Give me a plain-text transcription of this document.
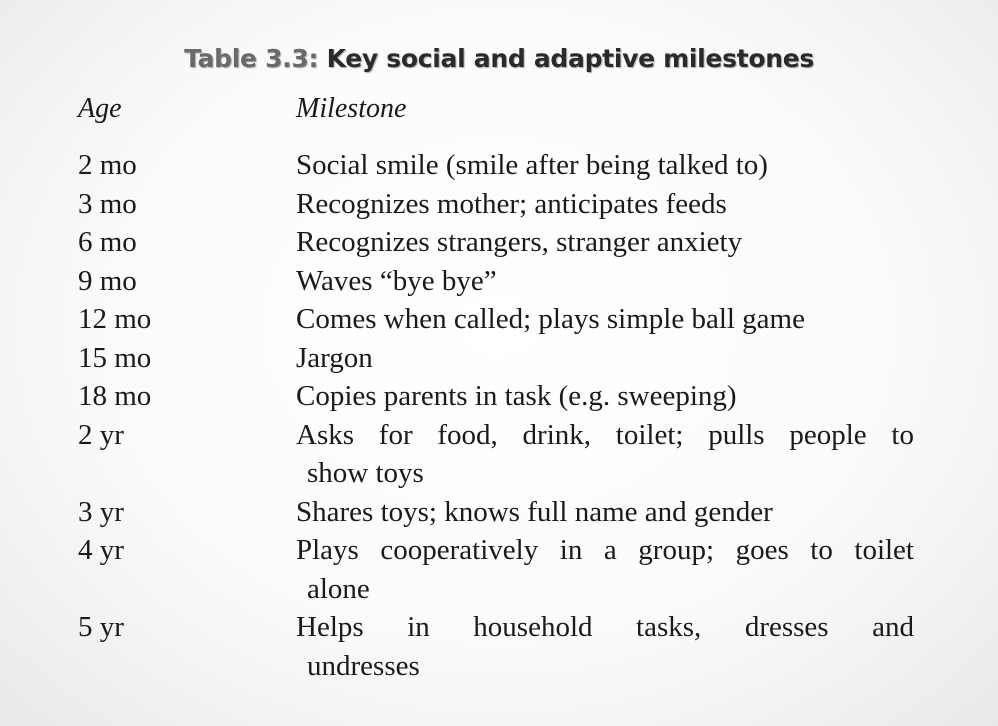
Table 3.3: Key social and adaptive milestones
Age	Milestone
2 mo	Social smile (smile after being talked to)
3 mo	Recognizes mother; anticipates feeds
6 mo	Recognizes strangers, stranger anxiety
9 mo	Waves “bye bye”
12 mo	Comes when called; plays simple ball game
15 mo	Jargon
18 mo	Copies parents in task (e.g. sweeping)
2 yr	Asks for food, drink, toilet; pulls people to
show toys
3 yr	Shares toys; knows full name and gender
4 yr	Plays cooperatively in a group; goes to toilet
alone
5 yr	Helps in household tasks, dresses and
undresses
